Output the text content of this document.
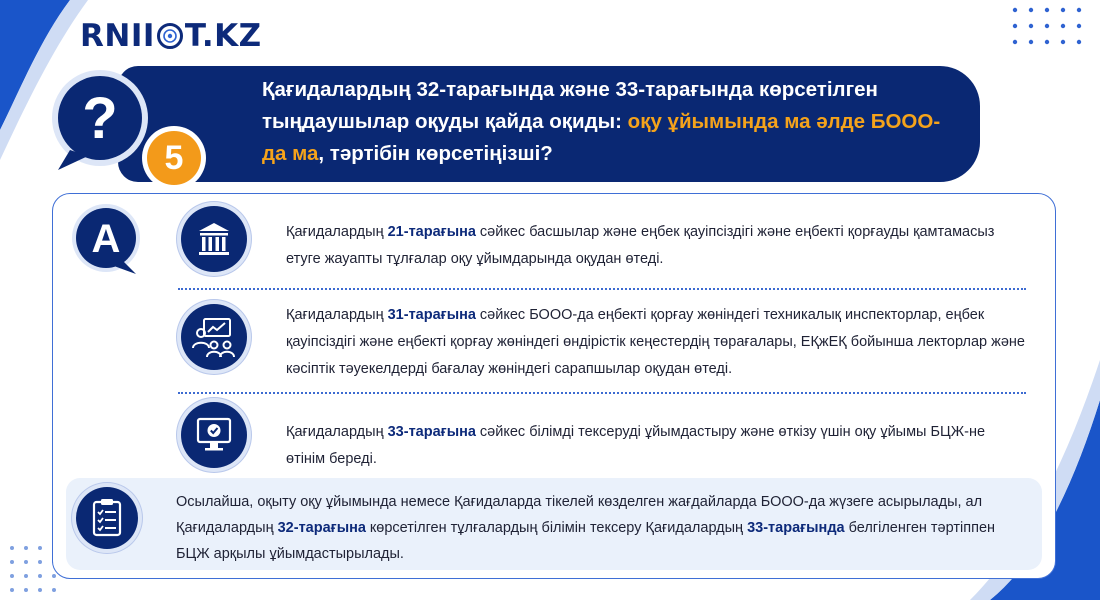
RNII T.KZ
?
5
Қағидалардың 32-тарағында және 33-тарағында көрсетілген тыңдаушылар оқуды қайда оқиды: оқу ұйымында ма әлде БООО-да ма, тәртібін көрсетіңізші?
A	Қағидалардың 21-тарағына сәйкес басшылар және еңбек қауіпсіздігі және еңбекті қорғауды қамтамасыз етуге жауапты тұлғалар оқу ұйымдарында оқудан өтеді.
Қағидалардың 31-тарағына сәйкес БООО-да еңбекті қорғау жөніндегі техникалық инспекторлар, еңбек қауіпсіздігі және еңбекті қорғау жөніндегі өндірістік кеңестердің төрағалары, ЕҚжЕҚ бойынша лекторлар және кәсіптік тәуекелдерді бағалау жөніндегі сарапшылар оқудан өтеді.
Қағидалардың 33-тарағына сәйкес білімді тексеруді ұйымдастыру және өткізу үшін оқу ұйымы БЦЖ-не өтінім береді.
Осылайша, оқыту оқу ұйымында немесе Қағидаларда тікелей көзделген жағдайларда БООО-да жүзеге асырылады, ал Қағидалардың 32-тарағына көрсетілген тұлғалардың білімін тексеру Қағидалардың 33-тарағында белгіленген тәртіппен БЦЖ арқылы ұйымдастырылады.
